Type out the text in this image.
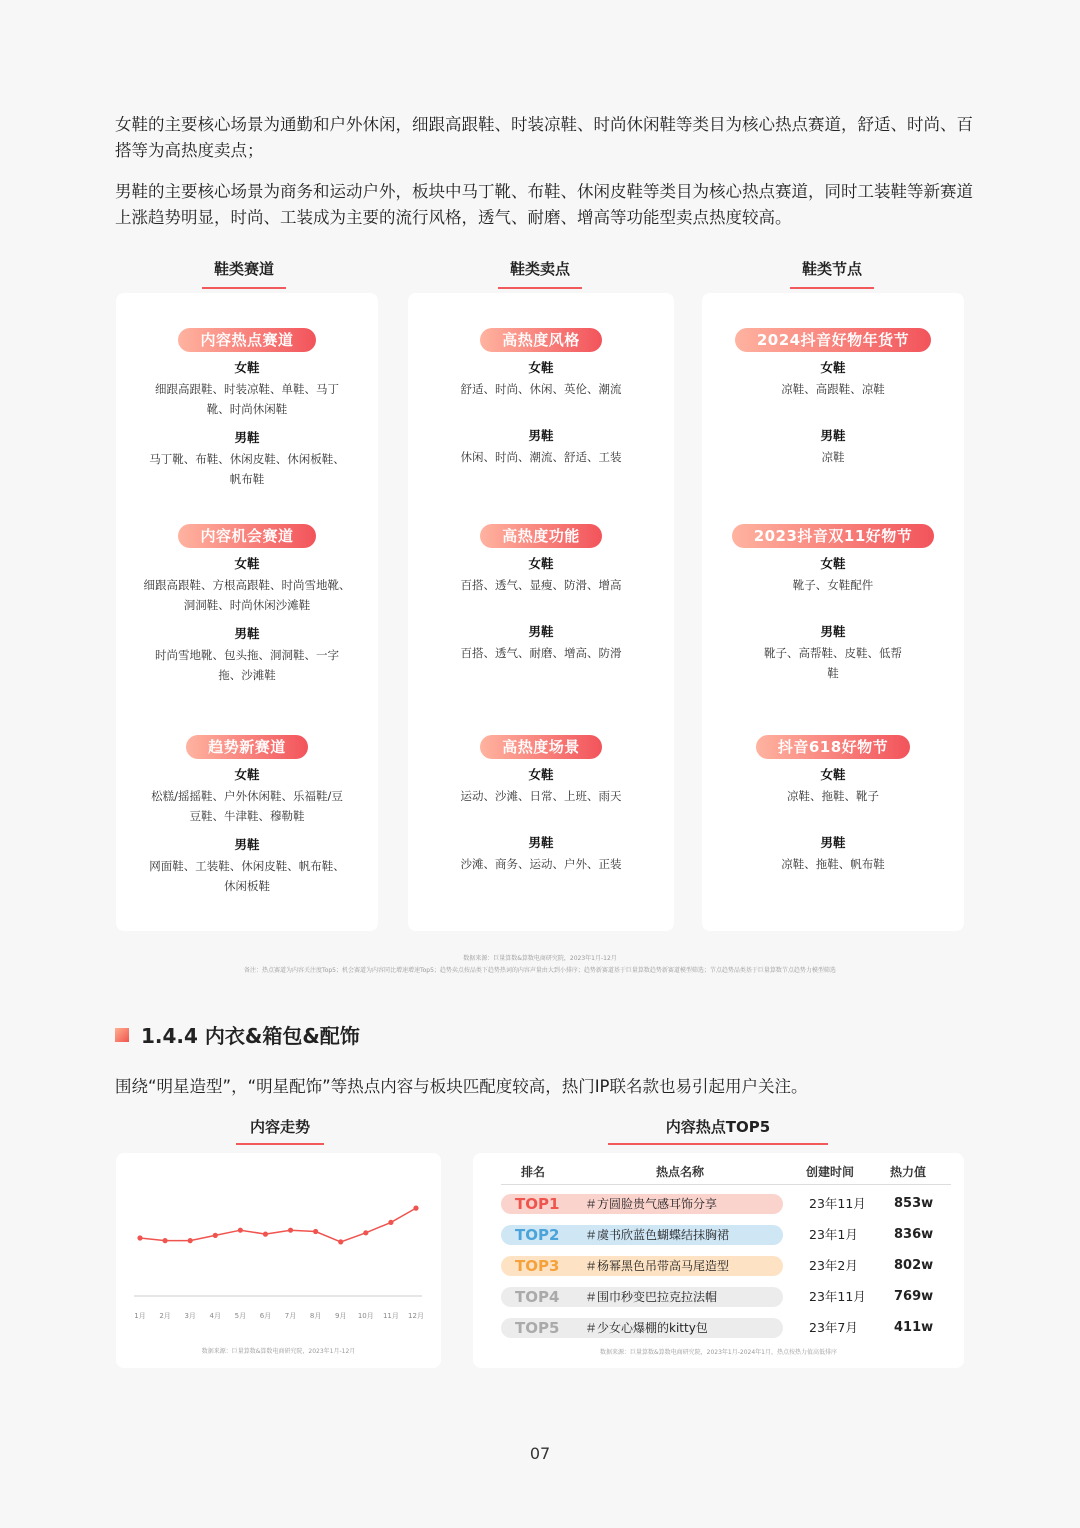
女鞋的主要核心场景为通勤和户外休闲，细跟高跟鞋、时装凉鞋、时尚休闲鞋等类目为核心热点赛道，舒适、时尚、百搭等为高热度卖点；
男鞋的主要核心场景为商务和运动户外，板块中马丁靴、布鞋、休闲皮鞋等类目为核心热点赛道，同时工装鞋等新赛道上涨趋势明显，时尚、工装成为主要的流行风格，透气、耐磨、增高等功能型卖点热度较高。
鞋类赛道	鞋类卖点	鞋类节点
内容热点赛道
女鞋
细跟高跟鞋、时装凉鞋、单鞋、马丁靴、时尚休闲鞋
男鞋
马丁靴、布鞋、休闲皮鞋、休闲板鞋、帆布鞋
内容机会赛道
女鞋
细跟高跟鞋、方根高跟鞋、时尚雪地靴、洞洞鞋、时尚休闲沙滩鞋
男鞋
时尚雪地靴、包头拖、洞洞鞋、一字拖、沙滩鞋
趋势新赛道
女鞋
松糕/摇摇鞋、户外休闲鞋、乐福鞋/豆豆鞋、牛津鞋、穆勒鞋
男鞋
网面鞋、工装鞋、休闲皮鞋、帆布鞋、休闲板鞋
高热度风格
女鞋
舒适、时尚、休闲、英伦、潮流
男鞋
休闲、时尚、潮流、舒适、工装
高热度功能
女鞋
百搭、透气、显瘦、防滑、增高
男鞋
百搭、透气、耐磨、增高、防滑
高热度场景
女鞋
运动、沙滩、日常、上班、雨天
男鞋
沙滩、商务、运动、户外、正装
2024抖音好物年货节
女鞋
凉鞋、高跟鞋、凉鞋
男鞋
凉鞋
2023抖音双11好物节
女鞋
靴子、女鞋配件
男鞋
靴子、高帮鞋、皮鞋、低帮鞋
抖音618好物节
女鞋
凉鞋、拖鞋、靴子
男鞋
凉鞋、拖鞋、帆布鞋
数据来源：巨量算数&算数电商研究院，2023年1月-12月
备注：热点赛道为内容关注度Top5；机会赛道为内容同比增速增速Top5；趋势卖点按品类下趋势热词的内容声量由大到小排序；趋势新赛道基于巨量算数趋势新赛道模型筛选；节点趋势品类基于巨量算数节点趋势力模型筛选
1.4.4 内衣&箱包&配饰
围绕“明星造型”，“明星配饰”等热点内容与板块匹配度较高，热门IP联名款也易引起用户关注。
内容走势	内容热点TOP5
1月 2月 3月 4月 5月 6月 7月 8月 9月 10月 11月 12月
数据来源：巨量算数&算数电商研究院，2023年1月-12月
排名	热点名称	创建时间	热力值
TOP1 ＃方圆脸贵气感耳饰分享	23年11月 853w
TOP2 ＃虞书欣蓝色蝴蝶结抹胸裙	23年1月	836w
TOP3 ＃杨幂黑色吊带高马尾造型	23年2月	802w
TOP4 ＃围巾秒变巴拉克拉法帽	23年11月 769w
TOP5 ＃少女心爆棚的kitty包	23年7月	411w
数据来源：巨量算数&算数电商研究院，2023年1月-2024年1月，热点按热力值高低排序
07
